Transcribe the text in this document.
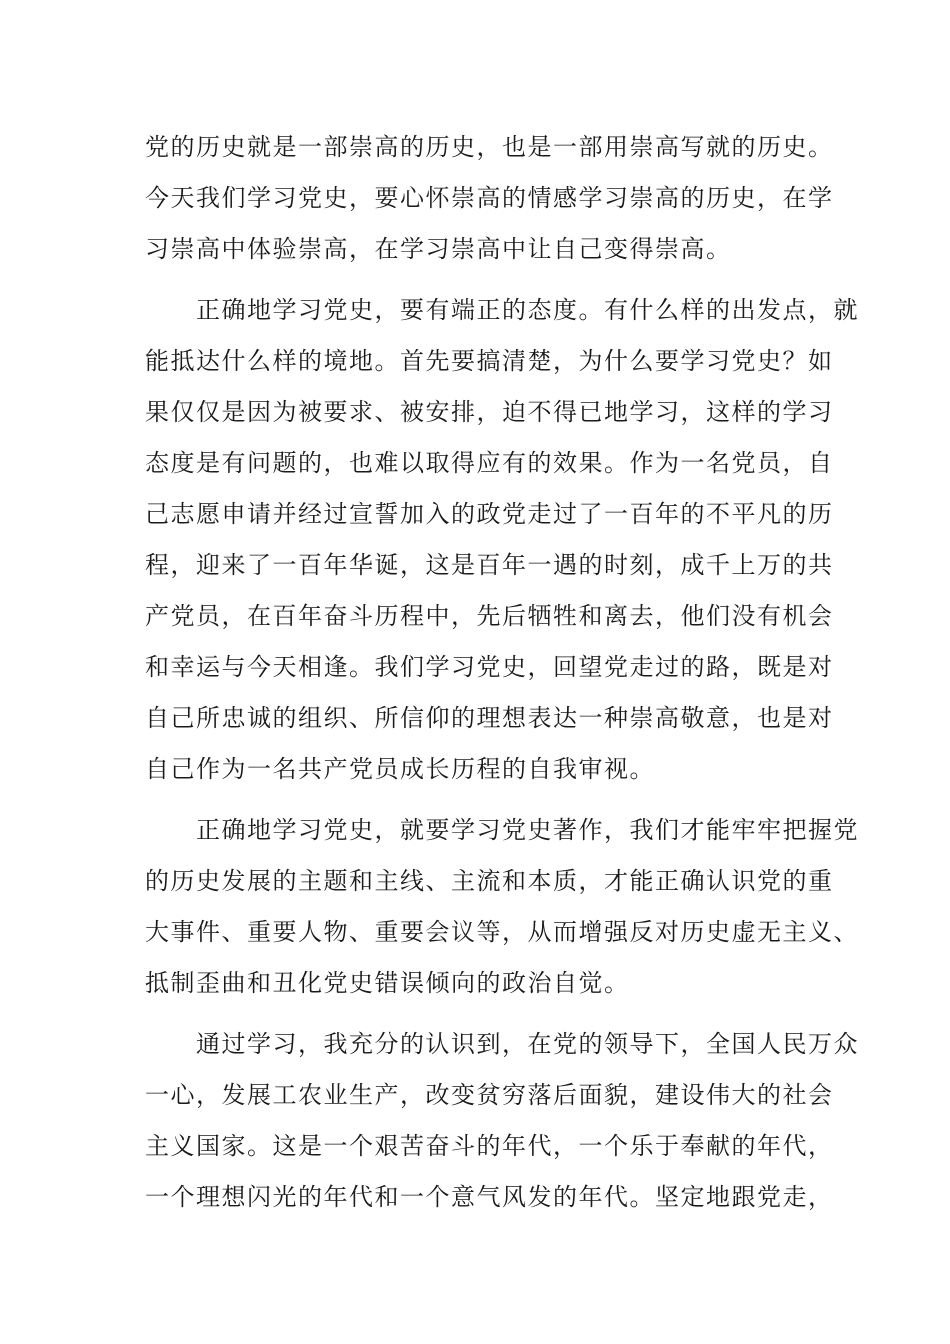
党的历史就是一部崇高的历史，也是一部用崇高写就的历史。
今天我们学习党史，要心怀崇高的情感学习崇高的历史，在学
习崇高中体验崇高，在学习崇高中让自己变得崇高。
　　正确地学习党史，要有端正的态度。有什么样的出发点，就
能抵达什么样的境地。首先要搞清楚，为什么要学习党史？如
果仅仅是因为被要求、被安排，迫不得已地学习，这样的学习
态度是有问题的，也难以取得应有的效果。作为一名党员，自
己志愿申请并经过宣誓加入的政党走过了一百年的不平凡的历
程，迎来了一百年华诞，这是百年一遇的时刻，成千上万的共
产党员，在百年奋斗历程中，先后牺牲和离去，他们没有机会
和幸运与今天相逢。我们学习党史，回望党走过的路，既是对
自己所忠诚的组织、所信仰的理想表达一种崇高敬意，也是对
自己作为一名共产党员成长历程的自我审视。
　　正确地学习党史，就要学习党史著作，我们才能牢牢把握党
的历史发展的主题和主线、主流和本质，才能正确认识党的重
大事件、重要人物、重要会议等，从而增强反对历史虚无主义、
抵制歪曲和丑化党史错误倾向的政治自觉。
　　通过学习，我充分的认识到，在党的领导下，全国人民万众
一心，发展工农业生产，改变贫穷落后面貌，建设伟大的社会
主义国家。这是一个艰苦奋斗的年代，一个乐于奉献的年代，
一个理想闪光的年代和一个意气风发的年代。坚定地跟党走，
